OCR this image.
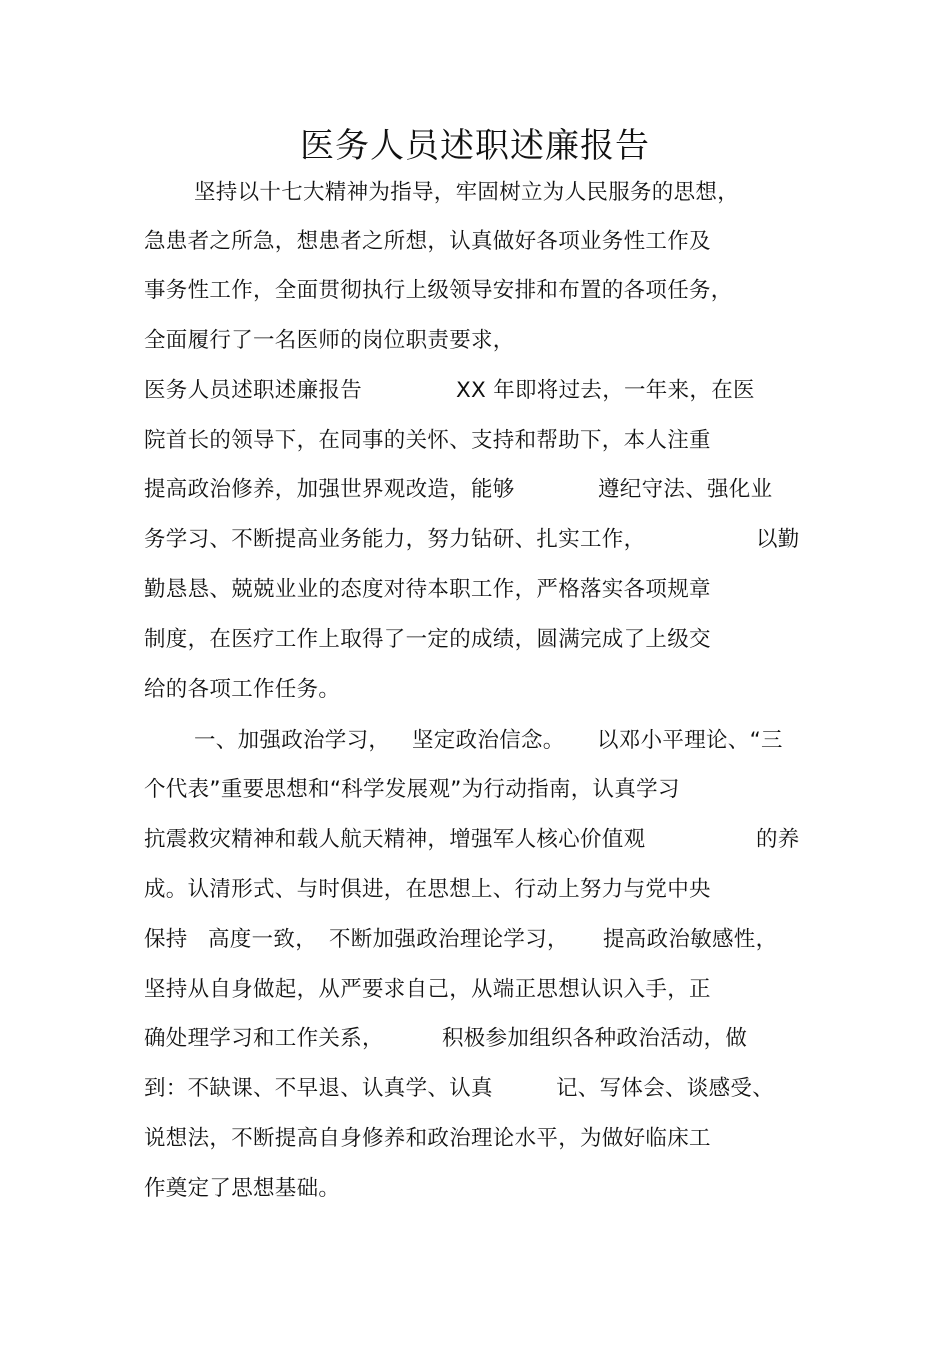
医务人员述职述廉报告

坚持以十七大精神为指导，牢固树立为人民服务的思想，

急患者之所急，想患者之所想，认真做好各项业务性工作及

事务性工作，全面贯彻执行上级领导安排和布置的各项任务，

全面履行了一名医师的岗位职责要求，

医务人员述职述廉报告

	XX 年即将过去，一年来，在医

院首长的领导下，在同事的关怀、支持和帮助下，本人注重

提高政治修养，加强世界观改造，能够

	遵纪守法、强化业

务学习、不断提高业务能力，努力钻研、扎实工作，

	以勤

勤恳恳、兢兢业业的态度对待本职工作，严格落实各项规章

制度，在医疗工作上取得了一定的成绩，圆满完成了上级交

给的各项工作任务。

一、加强政治学习，

坚定政治信念。

以邓小平理论、“三

个代表”重要思想和“科学发展观”为行动指南，认真学习

抗震救灾精神和载人航天精神，增强军人核心价值观

	的养

成。认清形式、与时俱进，在思想上、行动上努力与党中央

保持

高度一致，

不断加强政治理论学习，

提高政治敏感性，

坚持从自身做起，从严要求自己，从端正思想认识入手，正

确处理学习和工作关系，

	积极参加组织各种政治活动，做

到：不缺课、不早退、认真学、认真

	记、写体会、谈感受、

说想法，不断提高自身修养和政治理论水平，为做好临床工

作奠定了思想基础。
